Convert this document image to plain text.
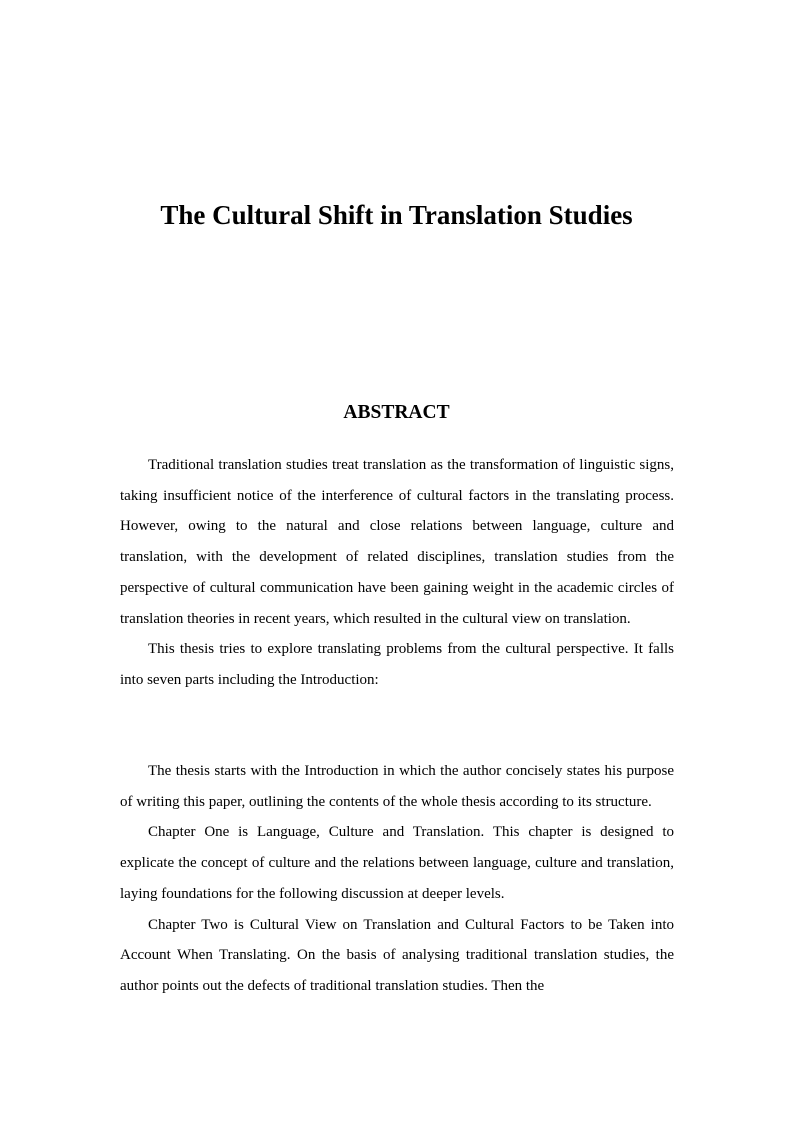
The Cultural Shift in Translation Studies
ABSTRACT

Traditional translation studies treat translation as the transformation of linguistic signs, taking insufficient notice of the interference of cultural factors in the translating process. However, owing to the natural and close relations between language, culture and translation, with the development of related disciplines, translation studies from the perspective of cultural communication have been gaining weight in the academic circles of translation theories in recent years, which resulted in the cultural view on translation.

This thesis tries to explore translating problems from the cultural perspective. It falls into seven parts including the Introduction:

The thesis starts with the Introduction in which the author concisely states his purpose of writing this paper, outlining the contents of the whole thesis according to its structure.

Chapter One is Language, Culture and Translation. This chapter is designed to explicate the concept of culture and the relations between language, culture and translation, laying foundations for the following discussion at deeper levels.

Chapter Two is Cultural View on Translation and Cultural Factors to be Taken into Account When Translating. On the basis of analysing traditional translation studies, the author points out the defects of traditional translation studies. Then the
